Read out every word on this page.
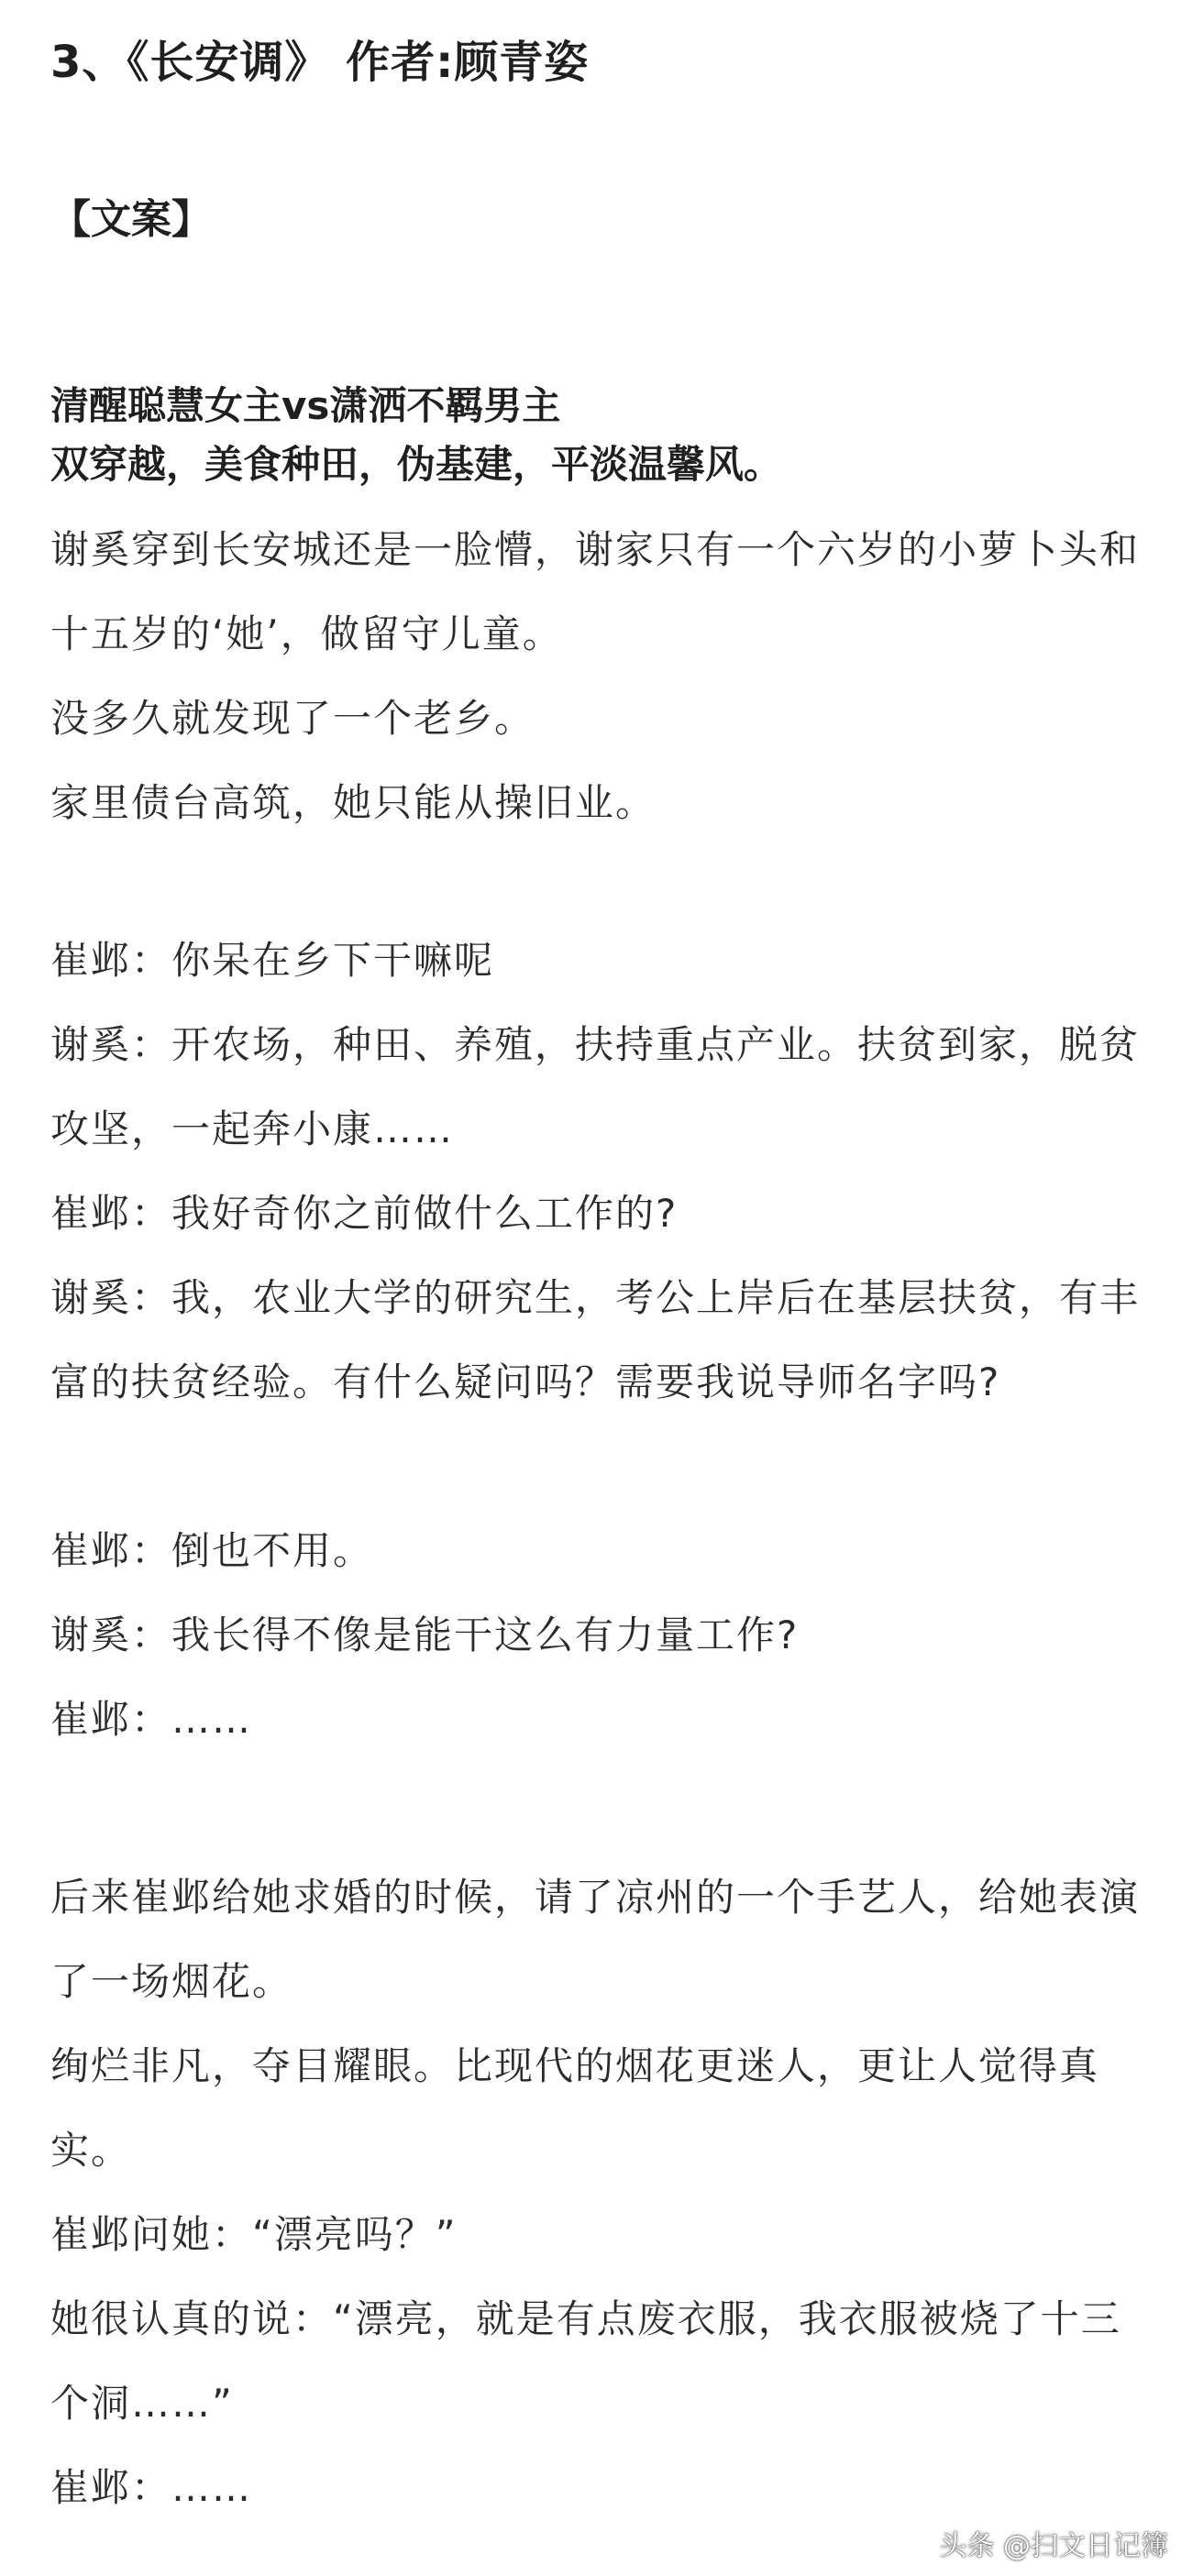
3、《长安调》 作者:顾青姿
【文案】
清醒聪慧女主vs潇洒不羁男主
双穿越，美食种田，伪基建，平淡温馨风。
谢奚穿到长安城还是一脸懵，谢家只有一个六岁的小萝卜头和十五岁的‘她’，做留守儿童。
没多久就发现了一个老乡。
家里债台高筑，她只能从操旧业。
崔邺：你呆在乡下干嘛呢
谢奚：开农场，种田、养殖，扶持重点产业。扶贫到家，脱贫攻坚，一起奔小康……
崔邺：我好奇你之前做什么工作的?
谢奚：我，农业大学的研究生，考公上岸后在基层扶贫，有丰富的扶贫经验。有什么疑问吗？需要我说导师名字吗?
崔邺：倒也不用。
谢奚：我长得不像是能干这么有力量工作?
崔邺：……
后来崔邺给她求婚的时候，请了凉州的一个手艺人，给她表演了一场烟花。
绚烂非凡，夺目耀眼。比现代的烟花更迷人，更让人觉得真实。
崔邺问她：“漂亮吗？”
她很认真的说：“漂亮，就是有点废衣服，我衣服被烧了十三个洞……”
崔邺：……
头条 @扫文日记簿
